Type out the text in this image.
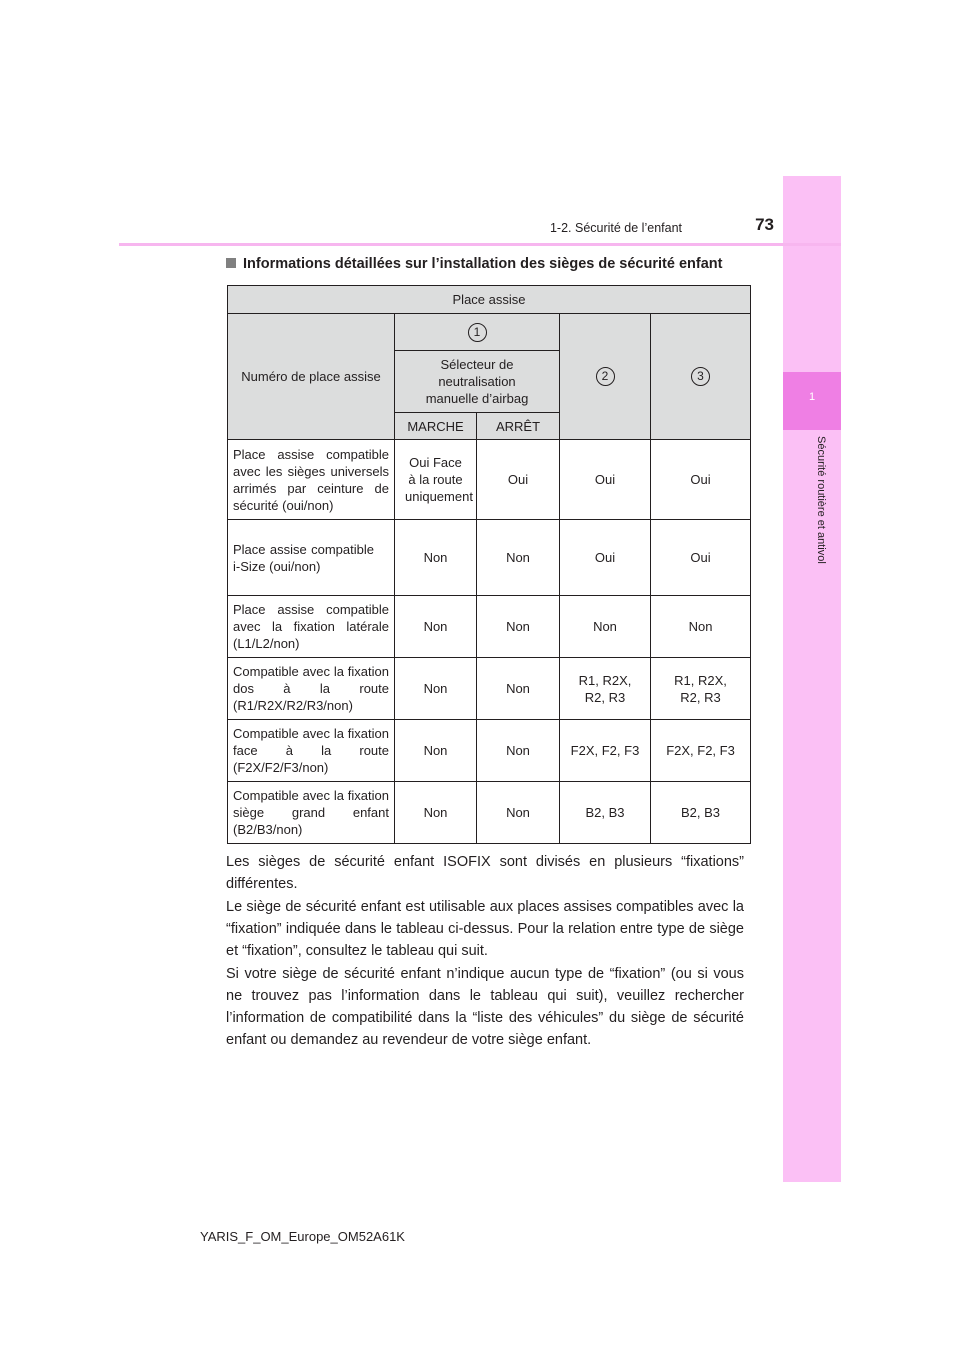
1
Sécurité routière et antivol
1-2. Sécurité de l’enfant	73
Informations détaillées sur l’installation des sièges de sécurité enfant
Place assise				
Numéro de place assise	1		2	3
	Sélecteur de neutralisation manuelle d’airbag			
	MARCHE	ARRÊT		
Place assise compatible avec les sièges universels arrimés par ceinture de sécurité (oui/non)	Oui Face à la route uniquement	Oui	Oui	Oui
Place assise compatible i-Size (oui/non)	Non	Non	Oui	Oui
Place assise compatible avec la fixation latérale (L1/L2/non)	Non	Non	Non	Non
Compatible avec la fixation dos à la route (R1/R2X/R2/R3/non)	Non	Non	R1, R2X, R2, R3	R1, R2X, R2, R3
Compatible avec la fixation face à la route (F2X/F2/F3/non)	Non	Non	F2X, F2, F3	F2X, F2, F3
Compatible avec la fixation siège grand enfant (B2/B3/non)	Non	Non	B2, B3	B2, B3

Les sièges de sécurité enfant ISOFIX sont divisés en plusieurs “fixations” différentes.

Le siège de sécurité enfant est utilisable aux places assises compatibles avec la “fixation” indiquée dans le tableau ci-dessus. Pour la relation entre type de siège et “fixation”, consultez le tableau qui suit.

Si votre siège de sécurité enfant n’indique aucun type de “fixation” (ou si vous ne trouvez pas l’information dans le tableau qui suit), veuillez rechercher l’information de compatibilité dans la “liste des véhicules” du siège de sécurité enfant ou demandez au revendeur de votre siège enfant.

YARIS_F_OM_Europe_OM52A61K
